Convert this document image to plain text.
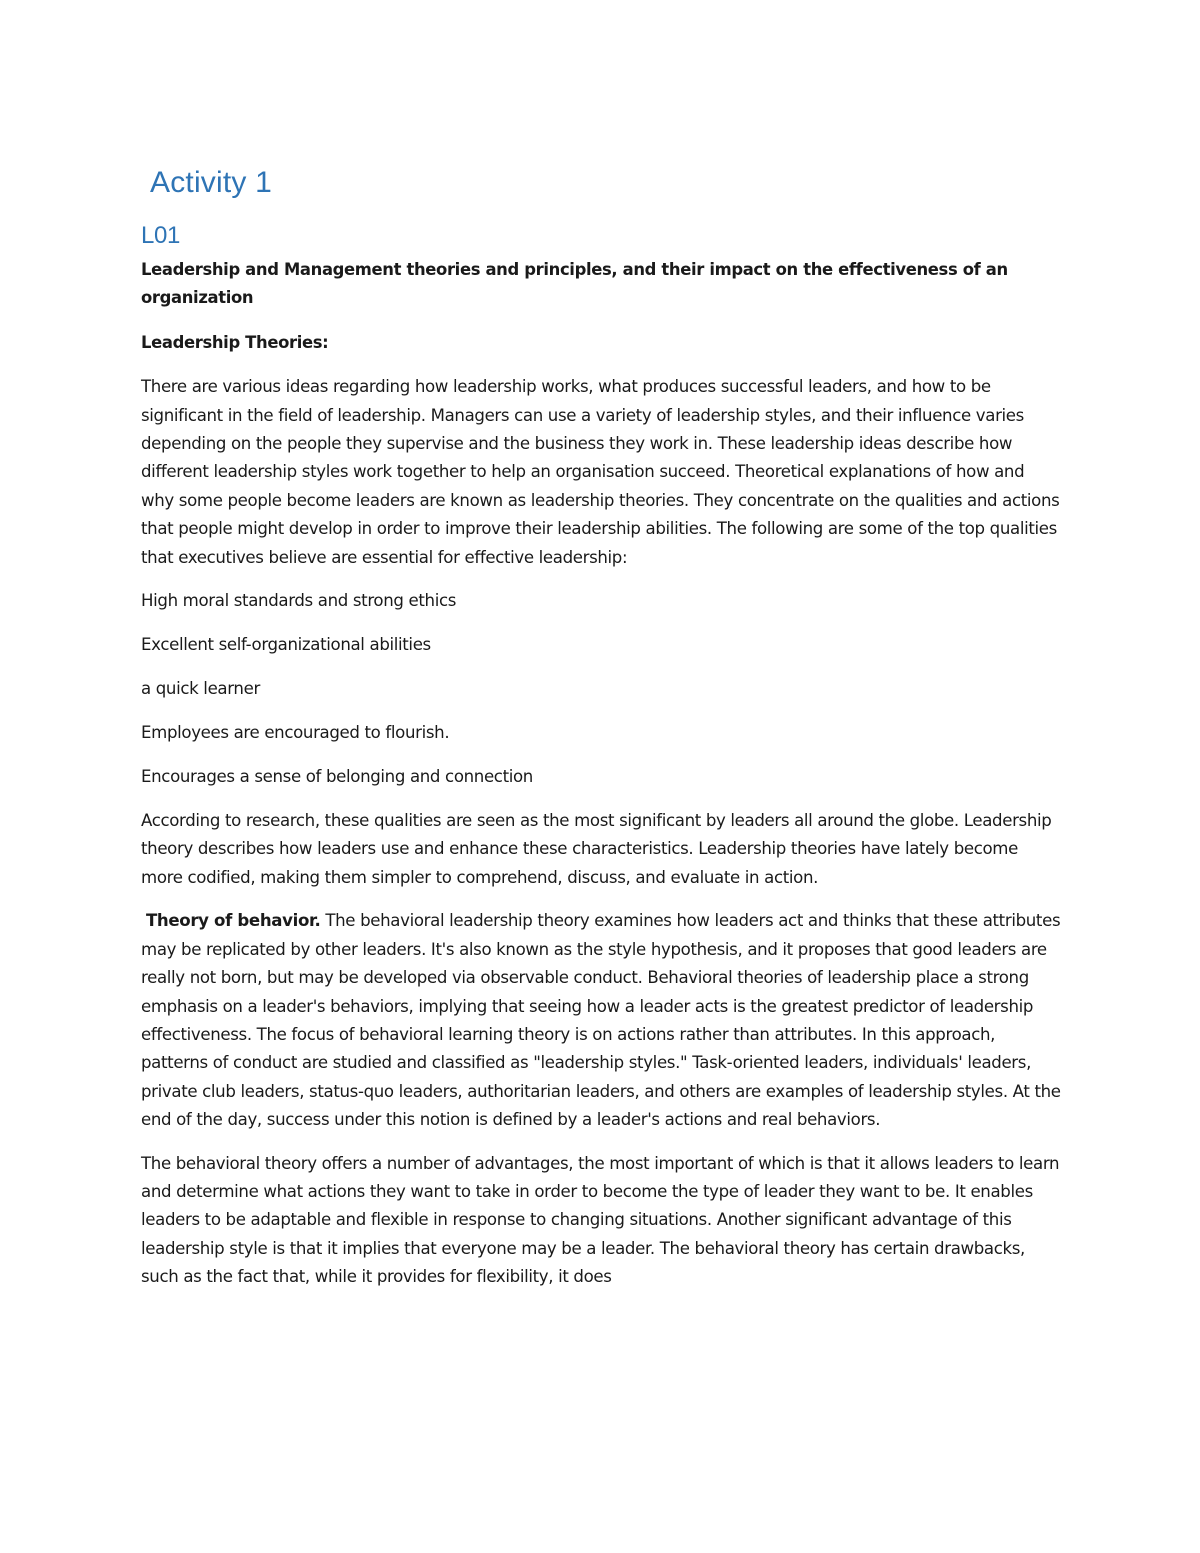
Activity 1
L01
Leadership and Management theories and principles, and their impact on the effectiveness of an organization
Leadership Theories:

There are various ideas regarding how leadership works, what produces successful leaders, and how to be significant in the field of leadership. Managers can use a variety of leadership styles, and their influence varies depending on the people they supervise and the business they work in. These leadership ideas describe how different leadership styles work together to help an organisation succeed. Theoretical explanations of how and why some people become leaders are known as leadership theories. They concentrate on the qualities and actions that people might develop in order to improve their leadership abilities. The following are some of the top qualities that executives believe are essential for effective leadership:

High moral standards and strong ethics
Excellent self-organizational abilities
a quick learner
Employees are encouraged to flourish.
Encourages a sense of belonging and connection

According to research, these qualities are seen as the most significant by leaders all around the globe. Leadership theory describes how leaders use and enhance these characteristics. Leadership theories have lately become more codified, making them simpler to comprehend, discuss, and evaluate in action.

Theory of behavior. The behavioral leadership theory examines how leaders act and thinks that these attributes may be replicated by other leaders. It's also known as the style hypothesis, and it proposes that good leaders are really not born, but may be developed via observable conduct. Behavioral theories of leadership place a strong emphasis on a leader's behaviors, implying that seeing how a leader acts is the greatest predictor of leadership effectiveness. The focus of behavioral learning theory is on actions rather than attributes. In this approach, patterns of conduct are studied and classified as "leadership styles." Task-oriented leaders, individuals' leaders, private club leaders, status-quo leaders, authoritarian leaders, and others are examples of leadership styles. At the end of the day, success under this notion is defined by a leader's actions and real behaviors.

The behavioral theory offers a number of advantages, the most important of which is that it allows leaders to learn and determine what actions they want to take in order to become the type of leader they want to be. It enables leaders to be adaptable and flexible in response to changing situations. Another significant advantage of this leadership style is that it implies that everyone may be a leader. The behavioral theory has certain drawbacks, such as the fact that, while it provides for flexibility, it does
